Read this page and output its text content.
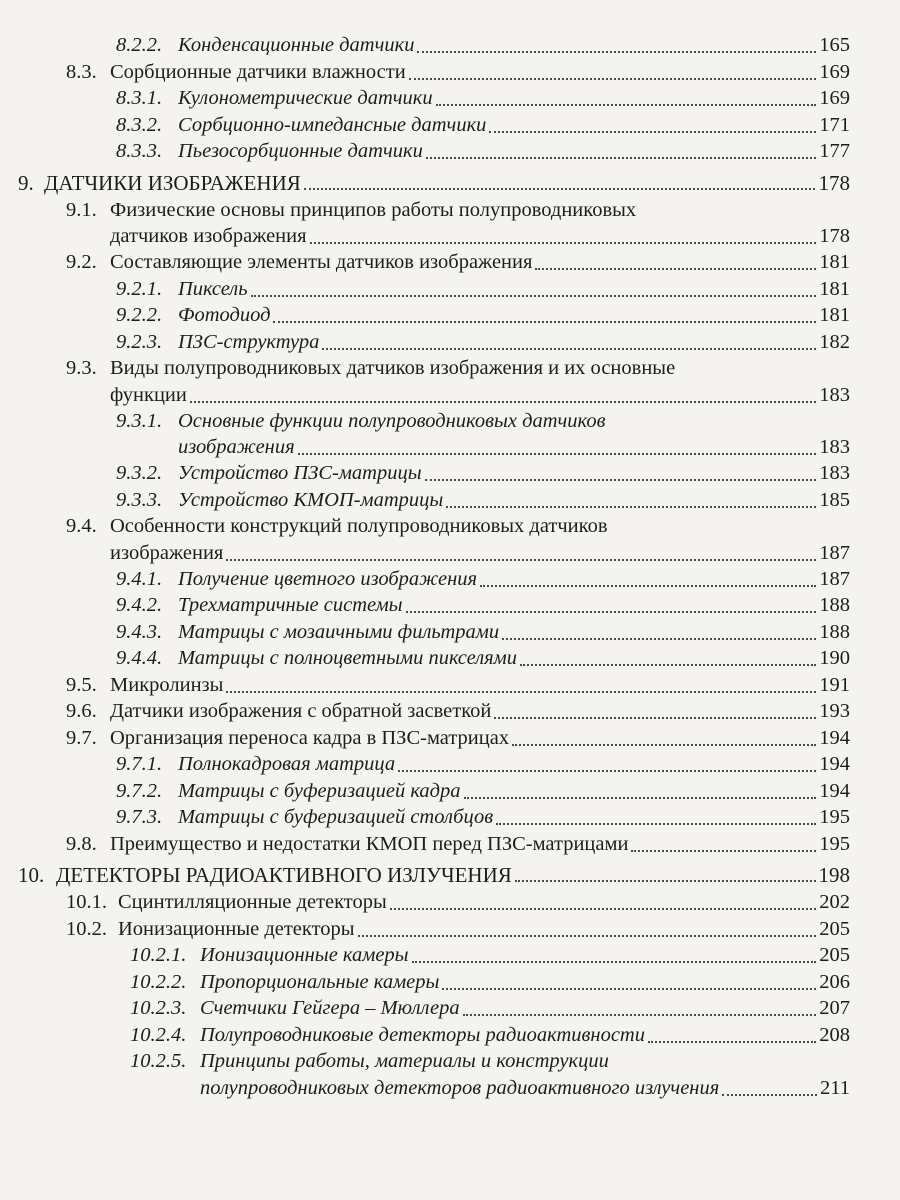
8.2.2. Конденсационные датчики	165
8.3. Сорбционные датчики влажности	169
8.3.1. Кулонометрические датчики	169
8.3.2. Сорбционно-импедансные датчики	171
8.3.3. Пьезосорбционные датчики	177
9. ДАТЧИКИ ИЗОБРАЖЕНИЯ	178
9.1. Физические основы принципов работы полупроводниковых
датчиков изображения	178
9.2. Составляющие элементы датчиков изображения	181
9.2.1. Пиксель	181
9.2.2. Фотодиод	181
9.2.3. ПЗС-структура	182
9.3. Виды полупроводниковых датчиков изображения и их основные
функции	183
9.3.1. Основные функции полупроводниковых датчиков
изображения	183
9.3.2. Устройство ПЗС-матрицы	183
9.3.3. Устройство КМОП-матрицы	185
9.4. Особенности конструкций полупроводниковых датчиков
изображения	187
9.4.1. Получение цветного изображения	187
9.4.2. Трехматричные системы	188
9.4.3. Матрицы с мозаичными фильтрами	188
9.4.4. Матрицы с полноцветными пикселями	190
9.5. Микролинзы	191
9.6. Датчики изображения с обратной засветкой	193
9.7. Организация переноса кадра в ПЗС-матрицах	194
9.7.1. Полнокадровая матрица	194
9.7.2. Матрицы с буферизацией кадра	194
9.7.3. Матрицы с буферизацией столбцов	195
9.8. Преимущество и недостатки КМОП перед ПЗС-матрицами	195
10. ДЕТЕКТОРЫ РАДИОАКТИВНОГО ИЗЛУЧЕНИЯ	198
10.1. Сцинтилляционные детекторы	202
10.2. Ионизационные детекторы	205
10.2.1. Ионизационные камеры	205
10.2.2. Пропорциональные камеры	206
10.2.3. Счетчики Гейгера – Мюллера	207
10.2.4. Полупроводниковые детекторы радиоактивности	208
10.2.5. Принципы работы, материалы и конструкции
полупроводниковых детекторов радиоактивного излучения	211
